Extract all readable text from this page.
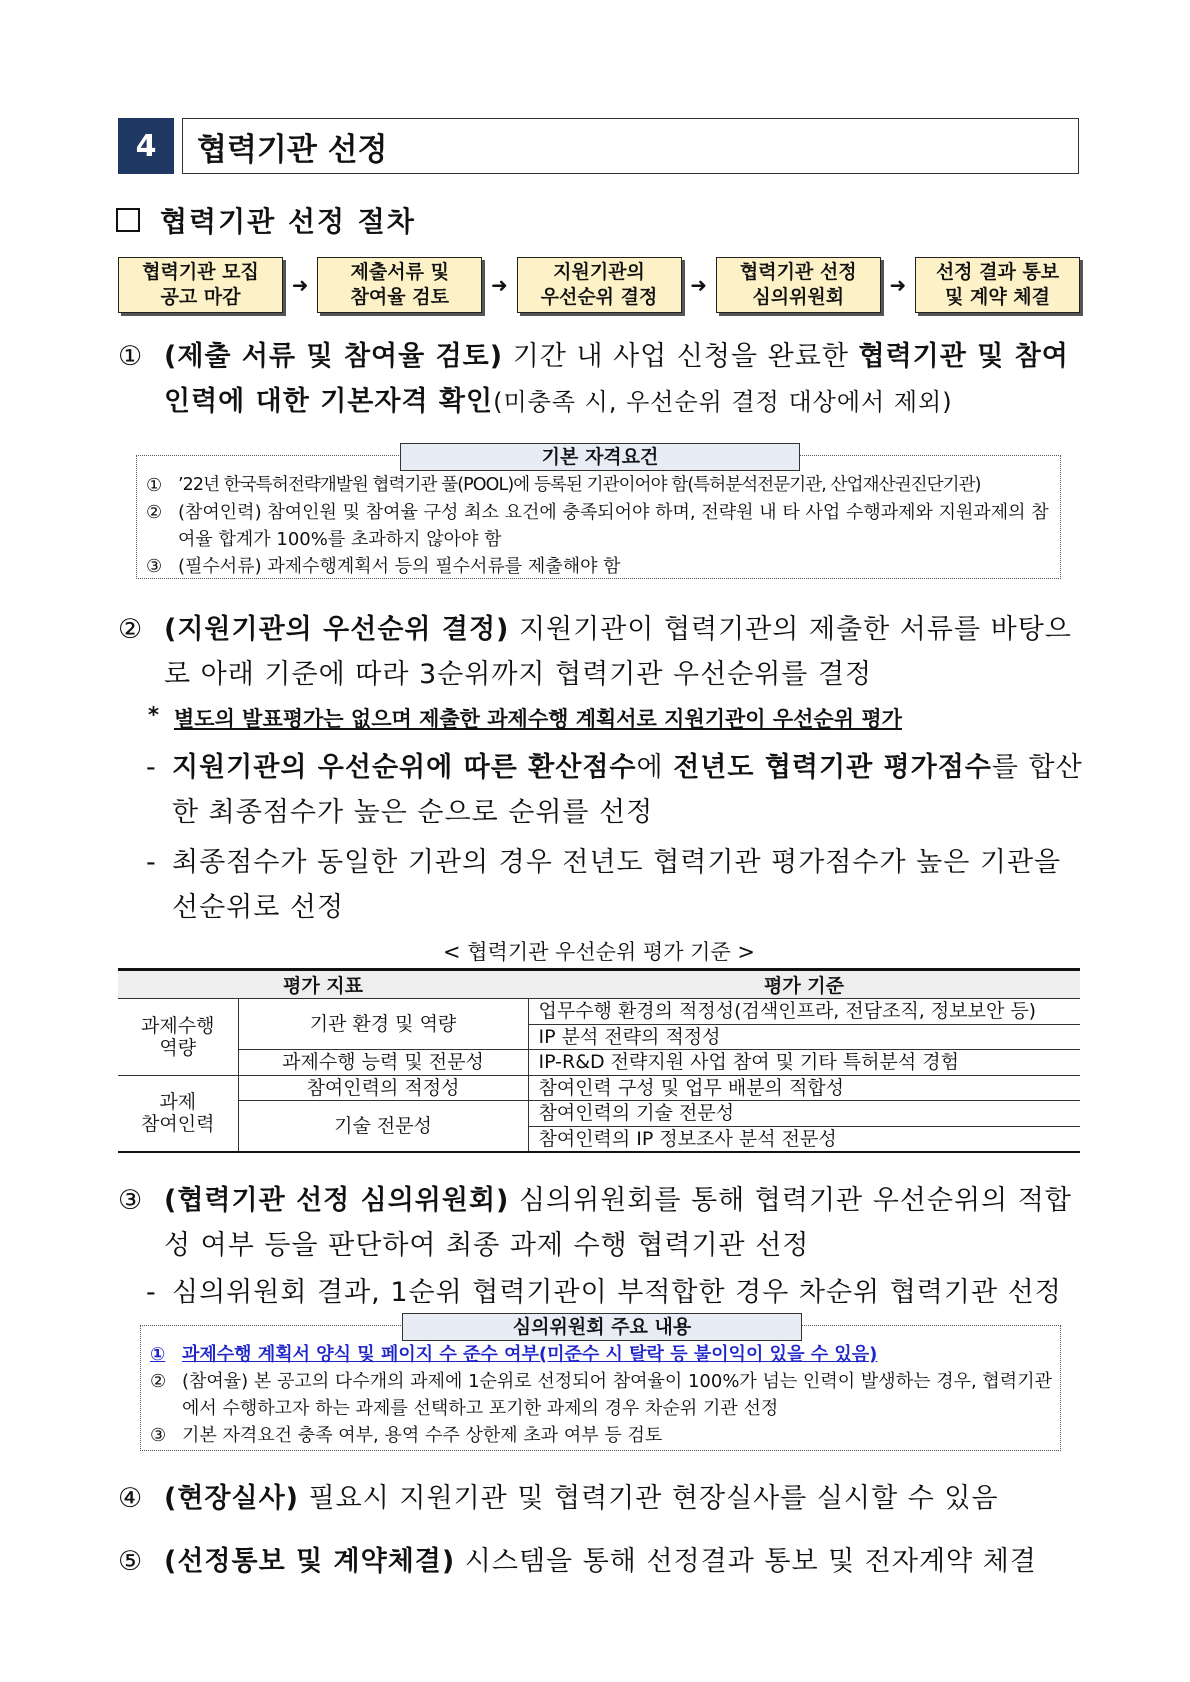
4	협력기관 선정
협력기관 선정 절차
협력기관 모집
공고 마감	➜
제출서류 및
참여율 검토	➜
지원기관의
우선순위 결정	➜
협력기관 선정
심의위원회	➜
선정 결과 통보
및 계약 체결
① (제출 서류 및 참여율 검토) 기간 내 사업 신청을 완료한 협력기관 및 참여인력에 대한 기본자격 확인(미충족 시, 우선순위 결정 대상에서 제외)
기본 자격요건
① ’22년 한국특허전략개발원 협력기관 풀(POOL)에 등록된 기관이어야 함(특허분석전문기관, 산업재산권진단기관)
② (참여인력) 참여인원 및 참여율 구성 최소 요건에 충족되어야 하며, 전략원 내 타 사업 수행과제와 지원과제의 참여율 합계가 100%를 초과하지 않아야 함
③ (필수서류) 과제수행계획서 등의 필수서류를 제출해야 함
② (지원기관의 우선순위 결정) 지원기관이 협력기관의 제출한 서류를 바탕으로 아래 기준에 따라 3순위까지 협력기관 우선순위를 결정
* 별도의 발표평가는 없으며 제출한 과제수행 계획서로 지원기관이 우선순위 평가
- 지원기관의 우선순위에 따른 환산점수에 전년도 협력기관 평가점수를 합산한 최종점수가 높은 순으로 순위를 선정
- 최종점수가 동일한 기관의 경우 전년도 협력기관 평가점수가 높은 기관을 선순위로 선정
< 협력기관 우선순위 평가 기준 >
평가 지표		평가 기준
과제수행
역량	기관 환경 및 역량	업무수행 환경의 적정성(검색인프라, 전담조직, 정보보안 등)
		IP 분석 전략의 적정성
	과제수행 능력 및 전문성	IP-R&D 전략지원 사업 참여 및 기타 특허분석 경험
과제
참여인력	참여인력의 적정성	참여인력 구성 및 업무 배분의 적합성
	기술 전문성	참여인력의 기술 전문성
		참여인력의 IP 정보조사 분석 전문성
③ (협력기관 선정 심의위원회) 심의위원회를 통해 협력기관 우선순위의 적합성 여부 등을 판단하여 최종 과제 수행 협력기관 선정
- 심의위원회 결과, 1순위 협력기관이 부적합한 경우 차순위 협력기관 선정
심의위원회 주요 내용
① 과제수행 계획서 양식 및 페이지 수 준수 여부(미준수 시 탈락 등 불이익이 있을 수 있음)
② (참여율) 본 공고의 다수개의 과제에 1순위로 선정되어 참여율이 100%가 넘는 인력이 발생하는 경우, 협력기관에서 수행하고자 하는 과제를 선택하고 포기한 과제의 경우 차순위 기관 선정
③ 기본 자격요건 충족 여부, 용역 수주 상한제 초과 여부 등 검토
④ (현장실사) 필요시 지원기관 및 협력기관 현장실사를 실시할 수 있음
⑤ (선정통보 및 계약체결) 시스템을 통해 선정결과 통보 및 전자계약 체결
